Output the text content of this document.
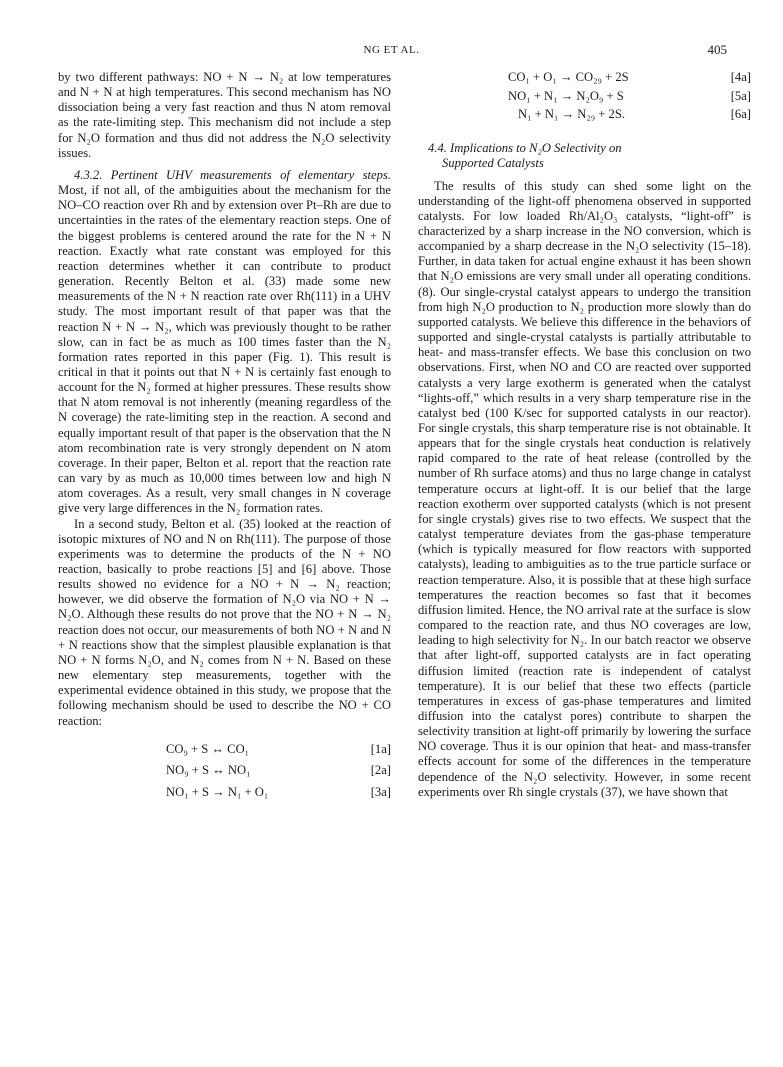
NG ET AL.	405

by two different pathways: NO + N → N₂ at low temperatures and N + N at high temperatures. This second mechanism has NO dissociation being a very fast reaction and thus N atom removal as the rate-limiting step. This mechanism did not include a step for N₂O formation and thus did not address the N₂O selectivity issues.

4.3.2. Pertinent UHV measurements of elementary steps. Most, if not all, of the ambiguities about the mechanism for the NO–CO reaction over Rh and by extension over Pt–Rh are due to uncertainties in the rates of the elementary reaction steps. One of the biggest problems is centered around the rate for the N + N reaction. Exactly what rate constant was employed for this reaction determines whether it can contribute to product generation. Recently Belton et al. (33) made some new measurements of the N + N reaction rate over Rh(111) in a UHV study. The most important result of that paper was that the reaction N + N → N₂, which was previously thought to be rather slow, can in fact be as much as 100 times faster than the N₂ formation rates reported in this paper (Fig. 1). This result is critical in that it points out that N + N is certainly fast enough to account for the N₂ formed at higher pressures. These results show that N atom removal is not inherently (meaning regardless of the N coverage) the rate-limiting step in the reaction. A second and equally important result of that paper is the observation that the N atom recombination rate is very strongly dependent on N atom coverage. In their paper, Belton et al. report that the reaction rate can vary by as much as 10,000 times between low and high N atom coverages. As a result, very small changes in N coverage give very large differences in the N₂ formation rates.

In a second study, Belton et al. (35) looked at the reaction of isotopic mixtures of NO and N on Rh(111). The purpose of those experiments was to determine the products of the N + NO reaction, basically to probe reactions [5] and [6] above. Those results showed no evidence for a NO + N → N₂ reaction; however, we did observe the formation of N₂O via NO + N → N₂O. Although these results do not prove that the NO + N → N₂ reaction does not occur, our measurements of both NO + N and N + N reactions show that the simplest plausible explanation is that NO + N forms N₂O, and N₂ comes from N + N. Based on these new elementary step measurements, together with the experimental evidence obtained in this study, we propose that the following mechanism should be used to describe the NO + CO reaction:

CO₉ + S ↔ CO₁	[1a]
NO₉ + S ↔ NO₁	[2a]
NO₁ + S → N₁ + O₁	[3a]
CO₁ + O₁ → CO₂₉ + 2S	[4a]
NO₁ + N₁ → N₂O₉ + S	[5a]
N₁ + N₁ → N₂₉ + 2S.	[6a]
4.4. Implications to N₂O Selectivity on
Supported Catalysts

The results of this study can shed some light on the understanding of the light-off phenomena observed in supported catalysts. For low loaded Rh/Al₂O₃ catalysts, “light-off” is characterized by a sharp increase in the NO conversion, which is accompanied by a sharp decrease in the N₂O selectivity (15–18). Further, in data taken for actual engine exhaust it has been shown that N₂O emissions are very small under all operating conditions. (8). Our single-crystal catalyst appears to undergo the transition from high N₂O production to N₂ production more slowly than do supported catalysts. We believe this difference in the behaviors of supported and single-crystal catalysts is partially attributable to heat- and mass-transfer effects. We base this conclusion on two observations. First, when NO and CO are reacted over supported catalysts a very large exotherm is generated when the catalyst “lights-off,” which results in a very sharp temperature rise in the catalyst bed (100 K/sec for supported catalysts in our reactor). For single crystals, this sharp temperature rise is not obtainable. It appears that for the single crystals heat conduction is relatively rapid compared to the rate of heat release (controlled by the number of Rh surface atoms) and thus no large change in catalyst temperature occurs at light-off. It is our belief that the large reaction exotherm over supported catalysts (which is not present for single crystals) gives rise to two effects. We suspect that the catalyst temperature deviates from the gas-phase temperature (which is typically measured for flow reactors with supported catalysts), leading to ambiguities as to the true particle surface or reaction temperature. Also, it is possible that at these high surface temperatures the reaction becomes so fast that it becomes diffusion limited. Hence, the NO arrival rate at the surface is slow compared to the reaction rate, and thus NO coverages are low, leading to high selectivity for N₂. In our batch reactor we observe that after light-off, supported catalysts are in fact operating diffusion limited (reaction rate is independent of catalyst temperature). It is our belief that these two effects (particle temperatures in excess of gas-phase temperatures and limited diffusion into the catalyst pores) contribute to sharpen the selectivity transition at light-off primarily by lowering the surface NO coverage. Thus it is our opinion that heat- and mass-transfer effects account for some of the differences in the temperature dependence of the N₂O selectivity. However, in some recent experiments over Rh single crystals (37), we have shown that
